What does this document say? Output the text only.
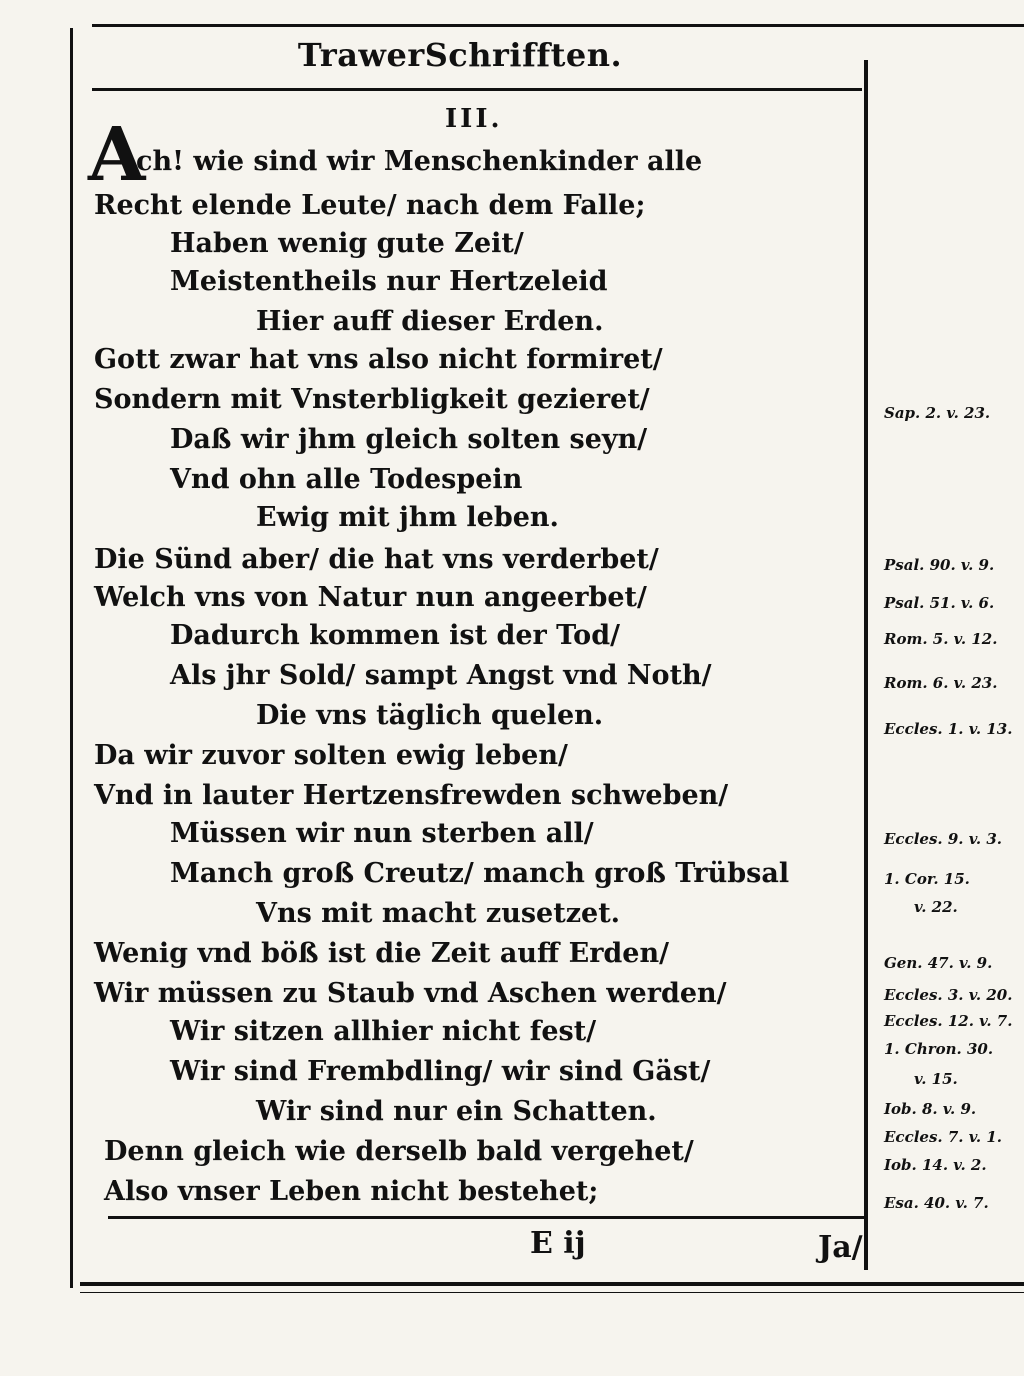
TrawerSchrifften.
III.
A
ch! wie sind wir Menschenkinder alle
Recht elende Leute/ nach dem Falle;
Haben wenig gute Zeit/
Meistentheils nur Hertzeleid
Hier auff dieser Erden.
Gott zwar hat vns also nicht formiret/
Sondern mit Vnsterbligkeit gezieret/
Daß wir jhm gleich solten seyn/
Vnd ohn alle Todespein
Ewig mit jhm leben.
Die Sünd aber/ die hat vns verderbet/
Welch vns von Natur nun angeerbet/
Dadurch kommen ist der Tod/
Als jhr Sold/ sampt Angst vnd Noth/
Die vns täglich quelen.
Da wir zuvor solten ewig leben/
Vnd in lauter Hertzensfrewden schweben/
Müssen wir nun sterben all/
Manch groß Creutz/ manch groß Trübsal
Vns mit macht zusetzet.
Wenig vnd böß ist die Zeit auff Erden/
Wir müssen zu Staub vnd Aschen werden/
Wir sitzen allhier nicht fest/
Wir sind Frembdling/ wir sind Gäst/
Wir sind nur ein Schatten.
Denn gleich wie derselb bald vergehet/
Also vnser Leben nicht bestehet;
Sap. 2. v. 23.
Psal. 90. v. 9.
Psal. 51. v. 6.
Rom. 5. v. 12.
Rom. 6. v. 23.
Eccles. 1. v. 13.
Eccles. 9. v. 3.
1. Cor. 15.
v. 22.
Gen. 47. v. 9.
Eccles. 3. v. 20.
Eccles. 12. v. 7.
1. Chron. 30.
v. 15.
Iob. 8. v. 9.
Eccles. 7. v. 1.
Iob. 14. v. 2.
Esa. 40. v. 7.
E ij	Ja/
